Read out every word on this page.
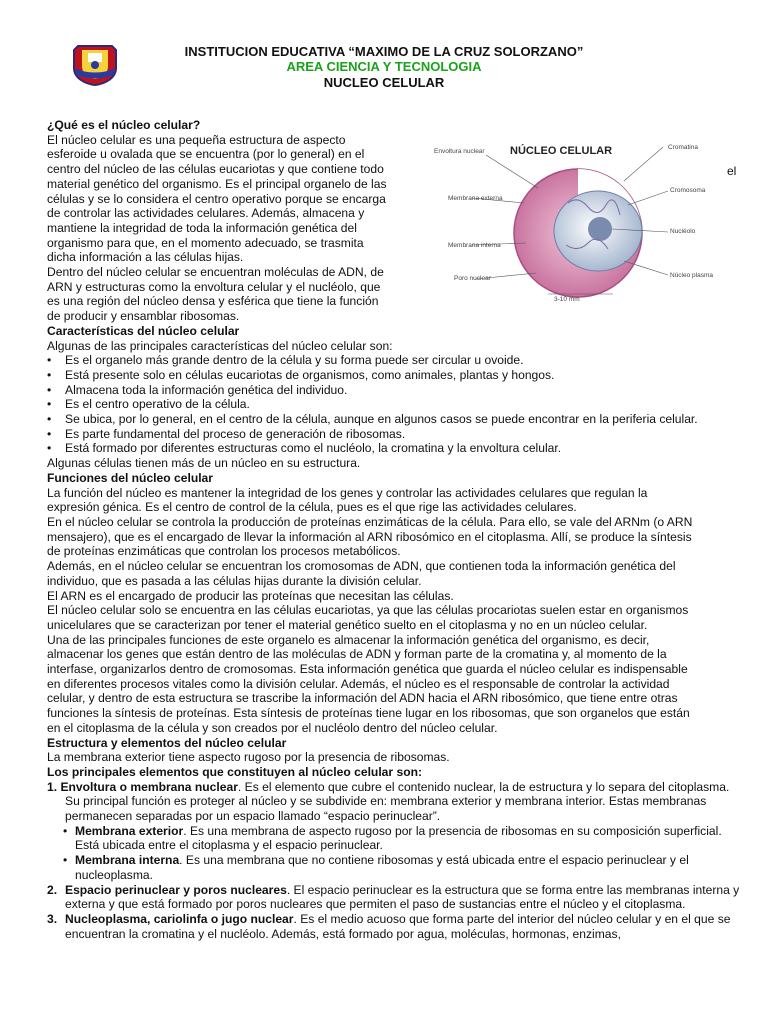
INSTITUCION EDUCATIVA “MAXIMO DE LA CRUZ SOLORZANO”
AREA CIENCIA Y TECNOLOGIA
NUCLEO CELULAR
NÚCLEO CELULAR
Envoltura nuclear
Cromatina
Membrana externa
Cromosoma
Nucléolo
Membrana interna
Poro nuclear	Núcleo plasma
3-10 mm
el
¿Qué es el núcleo celular?
El núcleo celular es una pequeña estructura de aspecto
esferoide u ovalada que se encuentra (por lo general) en el
centro del núcleo de las células eucariotas y que contiene todo
material genético del organismo. Es el principal organelo de las
células y se lo considera el centro operativo porque se encarga
de controlar las actividades celulares. Además, almacena y
mantiene la integridad de toda la información genética del
organismo para que, en el momento adecuado, se trasmita
dicha información a las células hijas.
Dentro del núcleo celular se encuentran moléculas de ADN, de
ARN y estructuras como la envoltura celular y el nucléolo, que
es una región del núcleo densa y esférica que tiene la función
de producir y ensamblar ribosomas.
Características del núcleo celular
Algunas de las principales características del núcleo celular son:
• Es el organelo más grande dentro de la célula y su forma puede ser circular u ovoide.
• Está presente solo en células eucariotas de organismos, como animales, plantas y hongos.
• Almacena toda la información genética del individuo.
• Es el centro operativo de la célula.
• Se ubica, por lo general, en el centro de la célula, aunque en algunos casos se puede encontrar en la periferia celular.
• Es parte fundamental del proceso de generación de ribosomas.
• Está formado por diferentes estructuras como el nucléolo, la cromatina y la envoltura celular.
Algunas células tienen más de un núcleo en su estructura.
Funciones del núcleo celular
La función del núcleo es mantener la integridad de los genes y controlar las actividades celulares que regulan la
expresión génica. Es el centro de control de la célula, pues es el que rige las actividades celulares.
En el núcleo celular se controla la producción de proteínas enzimáticas de la célula. Para ello, se vale del ARNm (o ARN
mensajero), que es el encargado de llevar la información al ARN ribosómico en el citoplasma. Allí, se produce la síntesis
de proteínas enzimáticas que controlan los procesos metabólicos.
Además, en el núcleo celular se encuentran los cromosomas de ADN, que contienen toda la información genética del
individuo, que es pasada a las células hijas durante la división celular.
El ARN es el encargado de producir las proteínas que necesitan las células.
El núcleo celular solo se encuentra en las células eucariotas, ya que las células procariotas suelen estar en organismos
unicelulares que se caracterizan por tener el material genético suelto en el citoplasma y no en un núcleo celular.
Una de las principales funciones de este organelo es almacenar la información genética del organismo, es decir,
almacenar los genes que están dentro de las moléculas de ADN y forman parte de la cromatina y, al momento de la
interfase, organizarlos dentro de cromosomas. Esta información genética que guarda el núcleo celular es indispensable
en diferentes procesos vitales como la división celular. Además, el núcleo es el responsable de controlar la actividad
celular, y dentro de esta estructura se trascribe la información del ADN hacia el ARN ribosómico, que tiene entre otras
funciones la síntesis de proteínas. Esta síntesis de proteínas tiene lugar en los ribosomas, que son organelos que están
en el citoplasma de la célula y son creados por el nucléolo dentro del núcleo celular.
Estructura y elementos del núcleo celular
La membrana exterior tiene aspecto rugoso por la presencia de ribosomas.
Los principales elementos que constituyen al núcleo celular son:
1. Envoltura o membrana nuclear. Es el elemento que cubre el contenido nuclear, la de estructura y lo separa del citoplasma. Su principal función es proteger al núcleo y se subdivide en: membrana exterior y membrana interior. Estas membranas permanecen separadas por un espacio llamado “espacio perinuclear”.
• Membrana exterior. Es una membrana de aspecto rugoso por la presencia de ribosomas en su composición superficial. Está ubicada entre el citoplasma y el espacio perinuclear.
• Membrana interna. Es una membrana que no contiene ribosomas y está ubicada entre el espacio perinuclear y el nucleoplasma.
2. Espacio perinuclear y poros nucleares. El espacio perinuclear es la estructura que se forma entre las membranas interna y externa y que está formado por poros nucleares que permiten el paso de sustancias entre el núcleo y el citoplasma.
3. Nucleoplasma, cariolinfa o jugo nuclear. Es el medio acuoso que forma parte del interior del núcleo celular y en el que se encuentran la cromatina y el nucléolo. Además, está formado por agua, moléculas, hormonas, enzimas,
